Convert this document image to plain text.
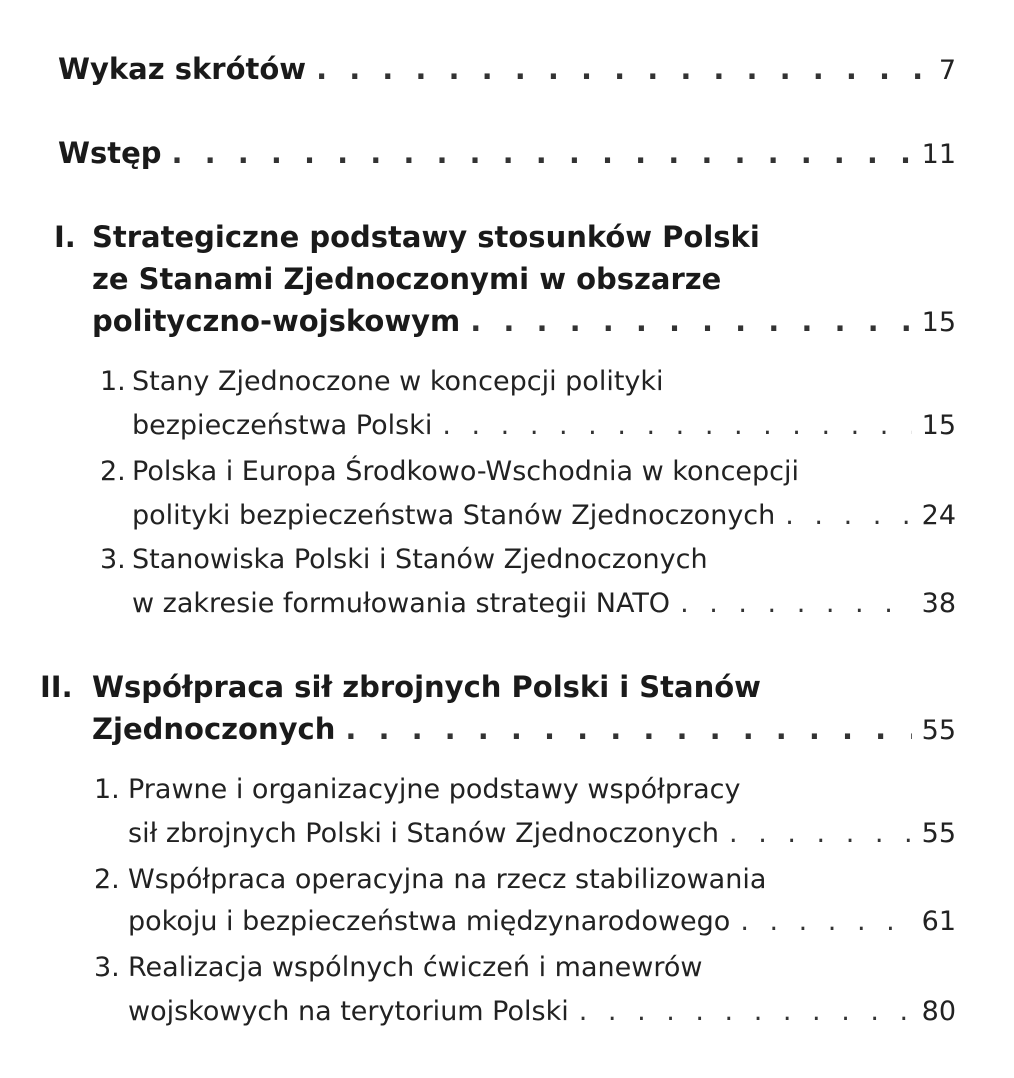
Wykaz skrótów . . .	7
Wstęp . . .	11
I. Strategiczne podstawy stosunków Polski
ze Stanami Zjednoczonymi w obszarze
polityczno-wojskowym . . .	15
1. Stany Zjednoczone w koncepcji polityki
bezpieczeństwa Polski . . .	15
2. Polska i Europa Środkowo-Wschodnia w koncepcji
polityki bezpieczeństwa Stanów Zjednoczonych . . .	24
3. Stanowiska Polski i Stanów Zjednoczonych
w zakresie formułowania strategii NATO . . .	38
II. Współpraca sił zbrojnych Polski i Stanów
Zjednoczonych . . .	55
1. Prawne i organizacyjne podstawy współpracy
sił zbrojnych Polski i Stanów Zjednoczonych . . .	55
2. Współpraca operacyjna na rzecz stabilizowania
pokoju i bezpieczeństwa międzynarodowego . . .	61
3. Realizacja wspólnych ćwiczeń i manewrów
wojskowych na terytorium Polski . . .	80
